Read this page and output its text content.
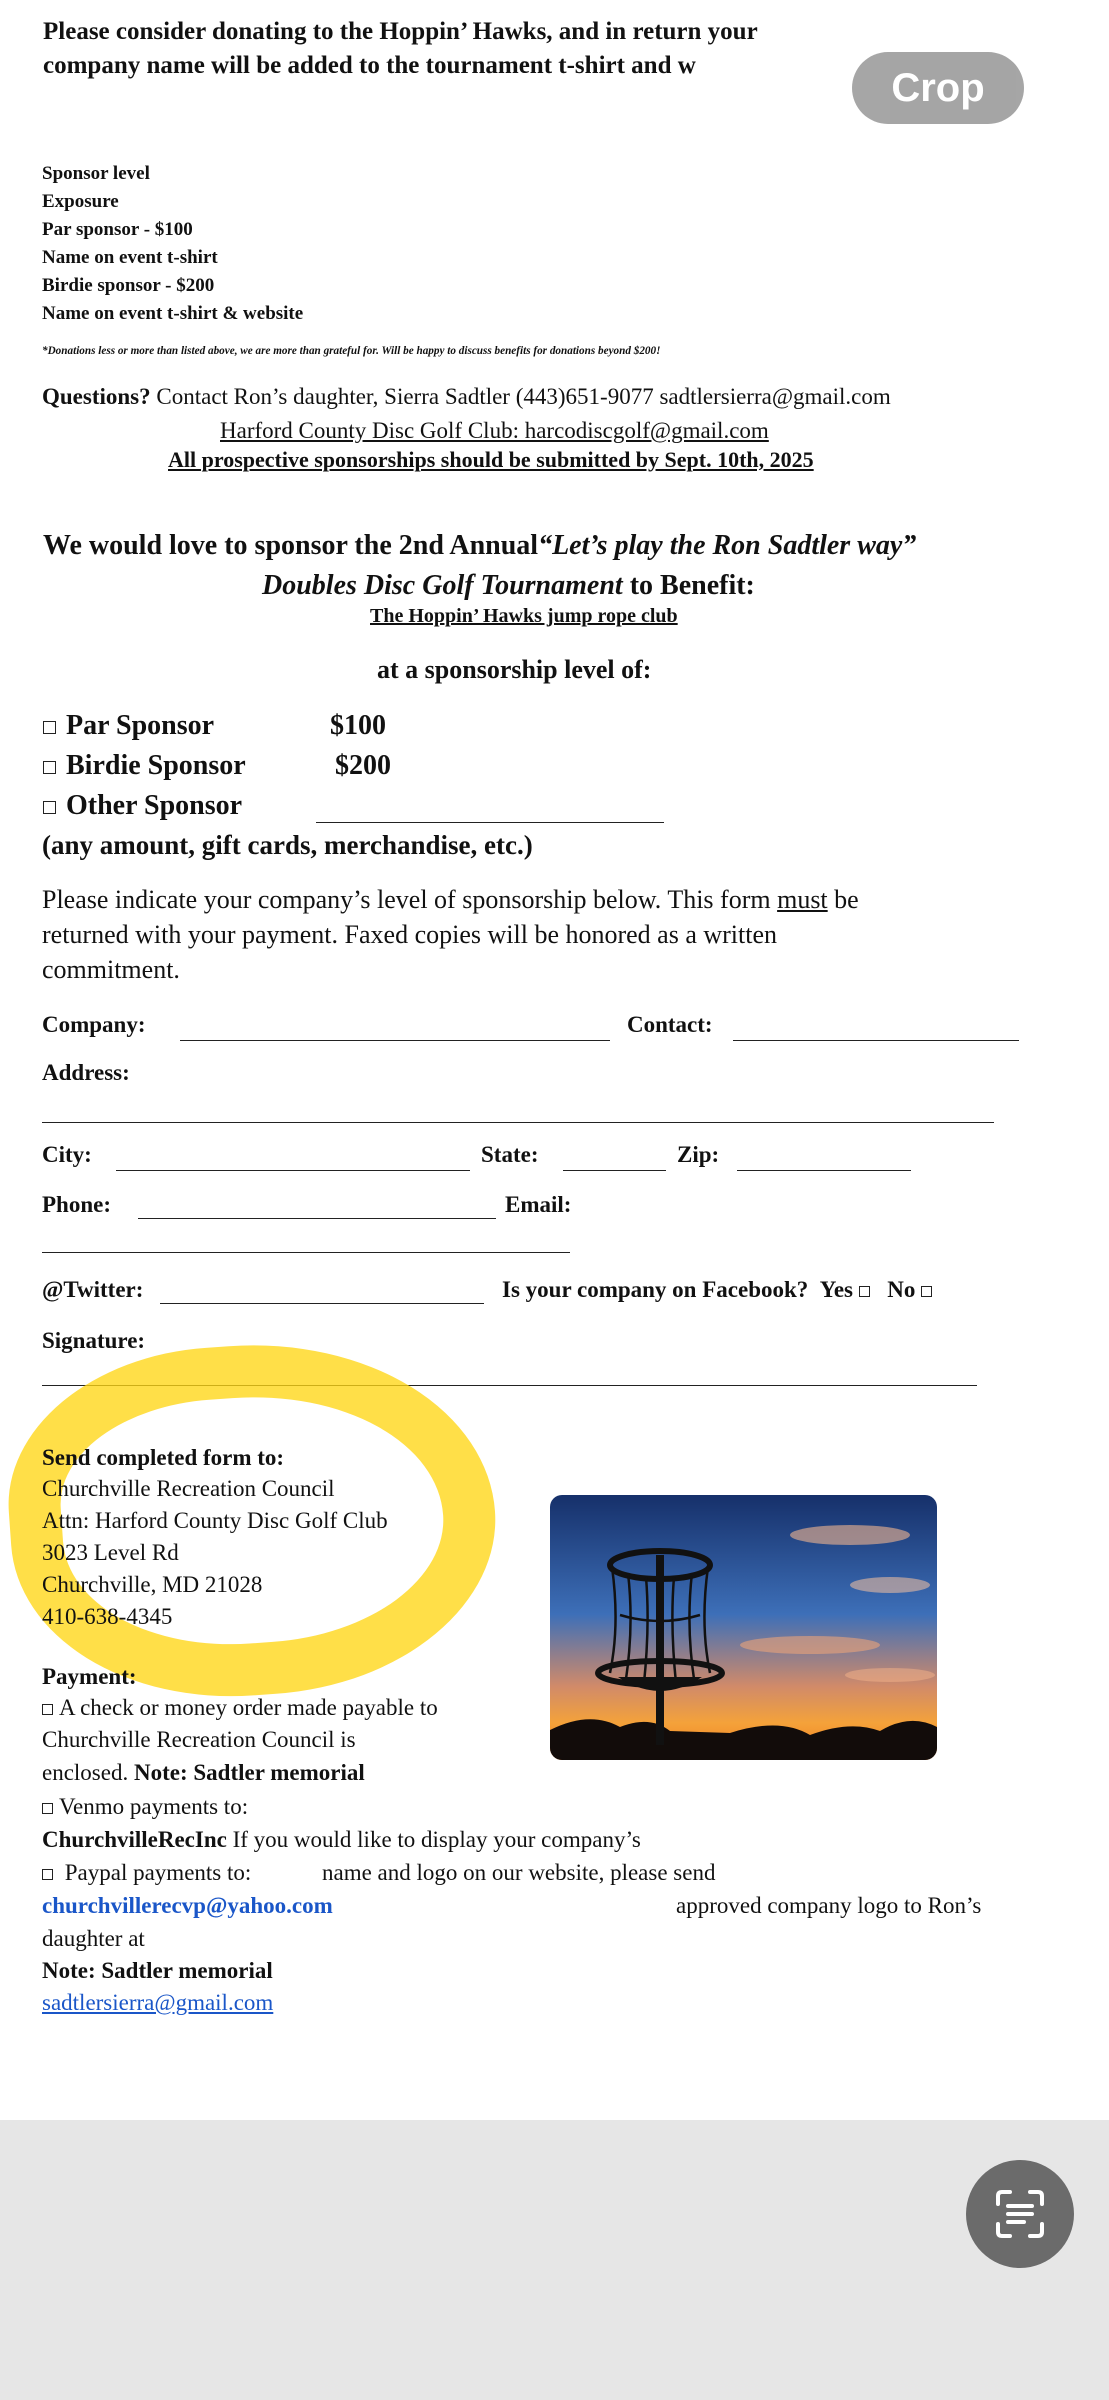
Please consider donating to the Hoppin’ Hawks, and in return your
company name will be added to the tournament t-shirt and w
Sponsor level
Exposure
Par sponsor - $100
Name on event t-shirt
Birdie sponsor - $200
Name on event t-shirt & website
*Donations less or more than listed above, we are more than grateful for. Will be happy to discuss benefits for donations beyond $200!
Questions? Contact Ron’s daughter, Sierra Sadtler (443)651-9077 sadtlersierra@gmail.com
Harford County Disc Golf Club: harcodiscgolf@gmail.com
All prospective sponsorships should be submitted by Sept. 10th, 2025
We would love to sponsor the 2nd Annual“Let’s play the Ron Sadtler way”
Doubles Disc Golf Tournament to Benefit:
The Hoppin’ Hawks jump rope club
at a sponsorship level of:
Par Sponsor	$100
Birdie Sponsor	$200
Other Sponsor
(any amount, gift cards, merchandise, etc.)
Please indicate your company’s level of sponsorship below. This form must be
returned with your payment. Faxed copies will be honored as a written
commitment.
Company:	Contact:
Address:
City:	State:	Zip:
Phone:	Email:
@Twitter:	Is your company on Facebook? Yes No
Signature:
Send completed form to:
Churchville Recreation Council
Attn: Harford County Disc Golf Club
3023 Level Rd
Churchville, MD 21028
410-638-4345
Payment:
A check or money order made payable to
Churchville Recreation Council is
enclosed. Note: Sadtler memorial
Venmo payments to:
ChurchvilleRecInc If you would like to display your company’s
Paypal payments to:	name and logo on our website, please send
churchvillerecvp@yahoo.com	approved company logo to Ron’s
daughter at
Note: Sadtler memorial
sadtlersierra@gmail.com
Crop
